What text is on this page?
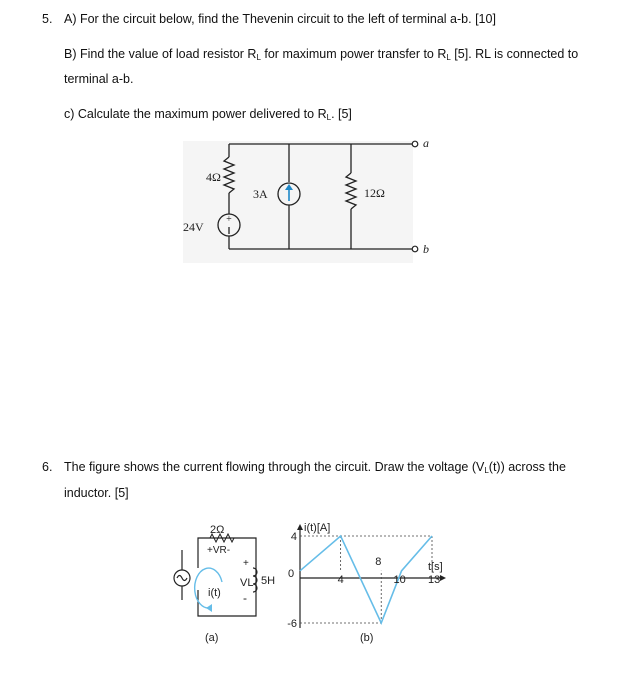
5. A) For the circuit below, find the Thevenin circuit to the left of terminal a-b. [10]
B) Find the value of load resistor $R_L$ for maximum power transfer to $R_L$ [5]. RL is connected to
terminal a-b.
c) Calculate the maximum power delivered to $R_L$. [5]
+
4Ω
24V
3A	12Ω
a
b
6. The figure shows the current flowing through the circuit. Draw the voltage $(V_L(t))$ across the
inductor. [5]
2Ω
+VR-
+
VL
-
5H
i(t)
(a)
0	4
8
10 13
4
-6
i(t)[A]
t[s]
(b)
